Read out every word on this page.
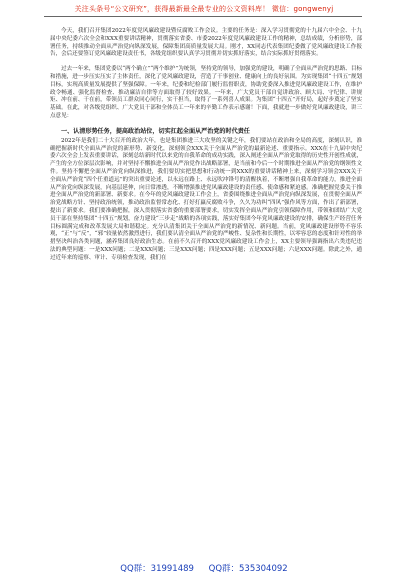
关注头条号“公文研究”，获得最新最全最专业的公文资料库！ 微信：gongwenyj

今天，我们召开集团2022年度党风廉政建设暨反腐败工作会议。主要的任务是：深入学习贯彻党的十九届六中全会、十九届中央纪委六次全会和XXX重要讲话精神，贯彻落实省委、市委2022年度党风廉政建设工作的精神，总结成绩，分析形势，部署任务，持续推动全面从严治党向纵深发展，保障集团高质量发展大局。刚才，XX同志代表集团纪委做了党风廉政建设工作报告，会后还要签订党风廉政建设责任书，各级党组织要认真学习贯彻并切实抓好落实，结合实际抓好贯彻落实。

过去一年来，集团党委以“两个确立”“两个维护”为统领，坚持党的领导，加强党的建设，明确了全面从严治党的思路、目标和措施，进一步压实压实了主体责任，深化了党风廉政建设，营造了干事创业、健康向上的良好氛围。为实现集团“十四五”规划目标，实现高质量发展提供了坚强保障。一年来，纪委和纪检部门履行监督职责，协助党委深入推进党风廉政建设工作，在维护政令畅通、强化监督检查、推动廉洁自律等方面取得了较好效果。一年来，广大党员干部自觉讲政治、顾大局、守纪律、讲规矩、冲在前、干在前，带领员工群众同心同行，实干担当，取得了一系列喜人成果。为集团“十四五”开好局，起好步奠定了坚实基础。在此，对各级党组织、广大党员干部和全体员工一年来的辛勤工作表示感谢！下面，我就进一步做好党风廉政建设，讲三点意见：

一、认清形势任务，提高政治站位，切实扛起全面从严治党的时代责任

2022年是我们二十大召开的政治大年，也是集团推进三大攻坚的关键之年，我们要站在政治和全局的高度，深刻认识，准确把握新时代全面从严治党的新形势、新变化，深刻领会XXX关于全面从严治党的最新论述、重要指示。XXX在十九届中央纪委六次全会上发表重要讲话，深刻总结新时代以来党的自我革命的成功实践，深入阐述全面从严治党取得的历史性开创性成就，产生的全方位深层次影响，并对坚持不懈推进全面从严治党作出战略部署，是当前和今后一个时期推进全面从严治党的纲领性文件。坚持不懈把全面从严治党向纵深推进，我们要切实把思想和行动统一到XXX的重要讲话精神上来，深刻学习领会XXX关于全面从严治党“四个任重道远”的突出重要论述，以永远在路上、永远吹冲锋号的清醒执着，不断增强自我革命的能力，推进全面从严治党向纵深发展，向基层延伸，向日常渗透，不断增强推进党风廉政建设的责任感、使命感和紧迫感。准确把握党委关于推进全面从严治党的新部署、新要求。在今年的党风廉政建设工作会上，省委围绕推进全面从严治党向纵深发展，在贯彻全面从严治党战略方针、坚持政治统领，推动政治监督常态化、打好打赢反腐败斗争，久久为功纠“四风”强作风等方面，作出了新部署，提出了新要求。我们要准确把握，深入贯彻落实省委的重要部署要求，切实发挥全面从严治党引领保障作用，带领和团结广大党员干部在坚持集团“十四五”规划，奋力建设“三步走”战略的各项实践，落实好集团今年党风廉政建设的安排，确保生产经营任务目标圆满完成和改革发展大局和谐稳定。充分认清集团关于全面从严治党的新情况、新问题。当前，党风廉政建设形势不容乐观，“正”与“反”，“邪”较量依然激烈进行，我们要认清全面从严治党的严峻性、复杂性和长期性，以零容忍的态度和针对性的举措坚决纠治各类问题，涵养集团良好政治生态。在前不久召开的XXX党风廉政建设工作会上，XX主要领导强调指出六类违纪违法的典型问题：一是XXX问题；二是XXX问题；三是XXX问题；四是XXX问题；五是XXX问题；六是XXX问题。除此之外，通过近年来的巡察、审计、专项检查发现，我们在

QQ群：31991489 QQ群：535304092
